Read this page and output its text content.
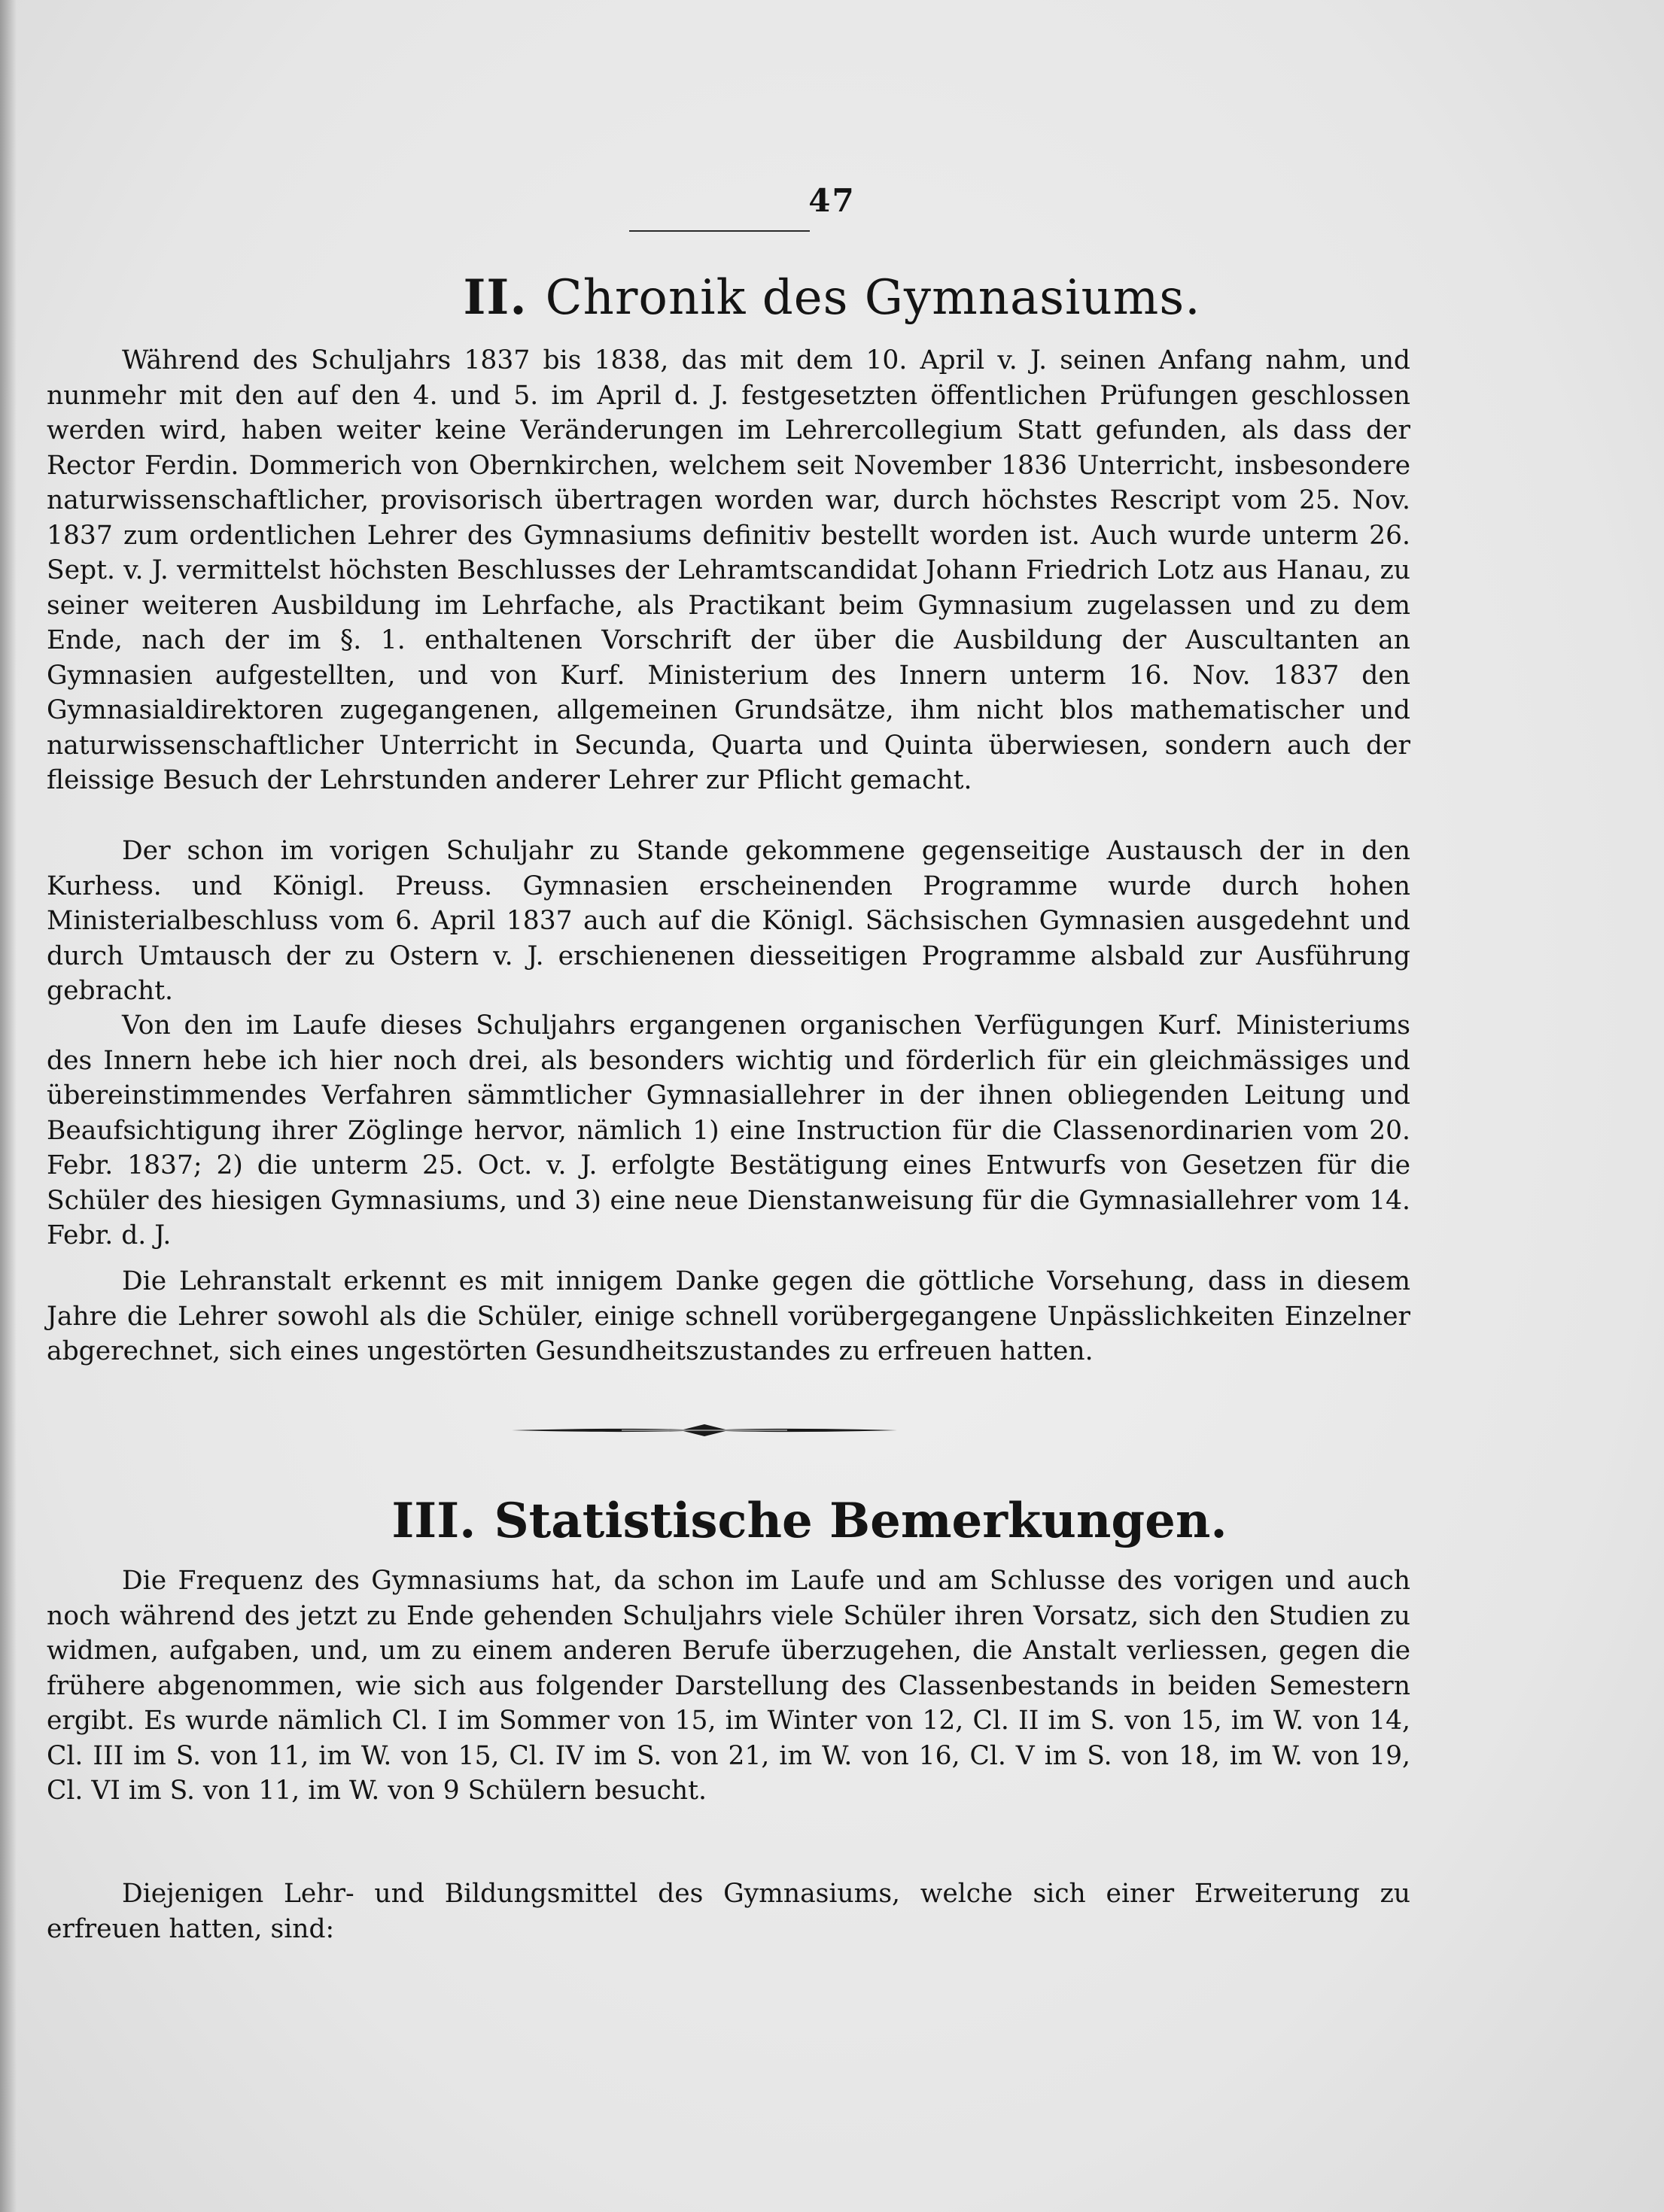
47
II. Chronik des Gymnasiums.

Während des Schuljahrs 1837 bis 1838, das mit dem 10. April v. J. seinen Anfang nahm, und nunmehr mit den auf den 4. und 5. im April d. J. festgesetzten öffentlichen Prüfungen geschlossen werden wird, haben weiter keine Veränderungen im Lehrercollegium Statt gefunden, als dass der Rector Ferdin. Dommerich von Obernkirchen, welchem seit November 1836 Unterricht, insbesondere naturwissenschaftlicher, provisorisch übertragen worden war, durch höchstes Rescript vom 25. Nov. 1837 zum ordentlichen Lehrer des Gymnasiums definitiv bestellt worden ist. Auch wurde unterm 26. Sept. v. J. vermittelst höchsten Beschlusses der Lehramtscandidat Johann Friedrich Lotz aus Hanau, zu seiner weiteren Ausbildung im Lehrfache, als Practikant beim Gymnasium zugelassen und zu dem Ende, nach der im §. 1. enthaltenen Vorschrift der über die Ausbildung der Auscultanten an Gymnasien aufgestellten, und von Kurf. Ministerium des Innern unterm 16. Nov. 1837 den Gymnasialdirektoren zugegangenen, allgemeinen Grundsätze, ihm nicht blos mathematischer und naturwissenschaftlicher Unterricht in Secunda, Quarta und Quinta überwiesen, sondern auch der fleissige Besuch der Lehrstunden anderer Lehrer zur Pflicht gemacht.

Der schon im vorigen Schuljahr zu Stande gekommene gegenseitige Austausch der in den Kurhess. und Königl. Preuss. Gymnasien erscheinenden Programme wurde durch hohen Ministerialbeschluss vom 6. April 1837 auch auf die Königl. Sächsischen Gymnasien ausgedehnt und durch Umtausch der zu Ostern v. J. erschienenen diesseitigen Programme alsbald zur Ausführung gebracht.

Von den im Laufe dieses Schuljahrs ergangenen organischen Verfügungen Kurf. Ministeriums des Innern hebe ich hier noch drei, als besonders wichtig und förderlich für ein gleichmässiges und übereinstimmendes Verfahren sämmtlicher Gymnasiallehrer in der ihnen obliegenden Leitung und Beaufsichtigung ihrer Zöglinge hervor, nämlich 1) eine Instruction für die Classenordinarien vom 20. Febr. 1837; 2) die unterm 25. Oct. v. J. erfolgte Bestätigung eines Entwurfs von Gesetzen für die Schüler des hiesigen Gymnasiums, und 3) eine neue Dienstanweisung für die Gymnasiallehrer vom 14. Febr. d. J.

Die Lehranstalt erkennt es mit innigem Danke gegen die göttliche Vorsehung, dass in diesem Jahre die Lehrer sowohl als die Schüler, einige schnell vorübergegangene Unpässlichkeiten Einzelner abgerechnet, sich eines ungestörten Gesundheitszustandes zu erfreuen hatten.

III. Statistische Bemerkungen.

Die Frequenz des Gymnasiums hat, da schon im Laufe und am Schlusse des vorigen und auch noch während des jetzt zu Ende gehenden Schuljahrs viele Schüler ihren Vorsatz, sich den Studien zu widmen, aufgaben, und, um zu einem anderen Berufe überzugehen, die Anstalt verliessen, gegen die frühere abgenommen, wie sich aus folgender Darstellung des Classenbestands in beiden Semestern ergibt. Es wurde nämlich Cl. I im Sommer von 15, im Winter von 12, Cl. II im S. von 15, im W. von 14, Cl. III im S. von 11, im W. von 15, Cl. IV im S. von 21, im W. von 16, Cl. V im S. von 18, im W. von 19, Cl. VI im S. von 11, im W. von 9 Schülern besucht.

Diejenigen Lehr- und Bildungsmittel des Gymnasiums, welche sich einer Erweiterung zu erfreuen hatten, sind:
